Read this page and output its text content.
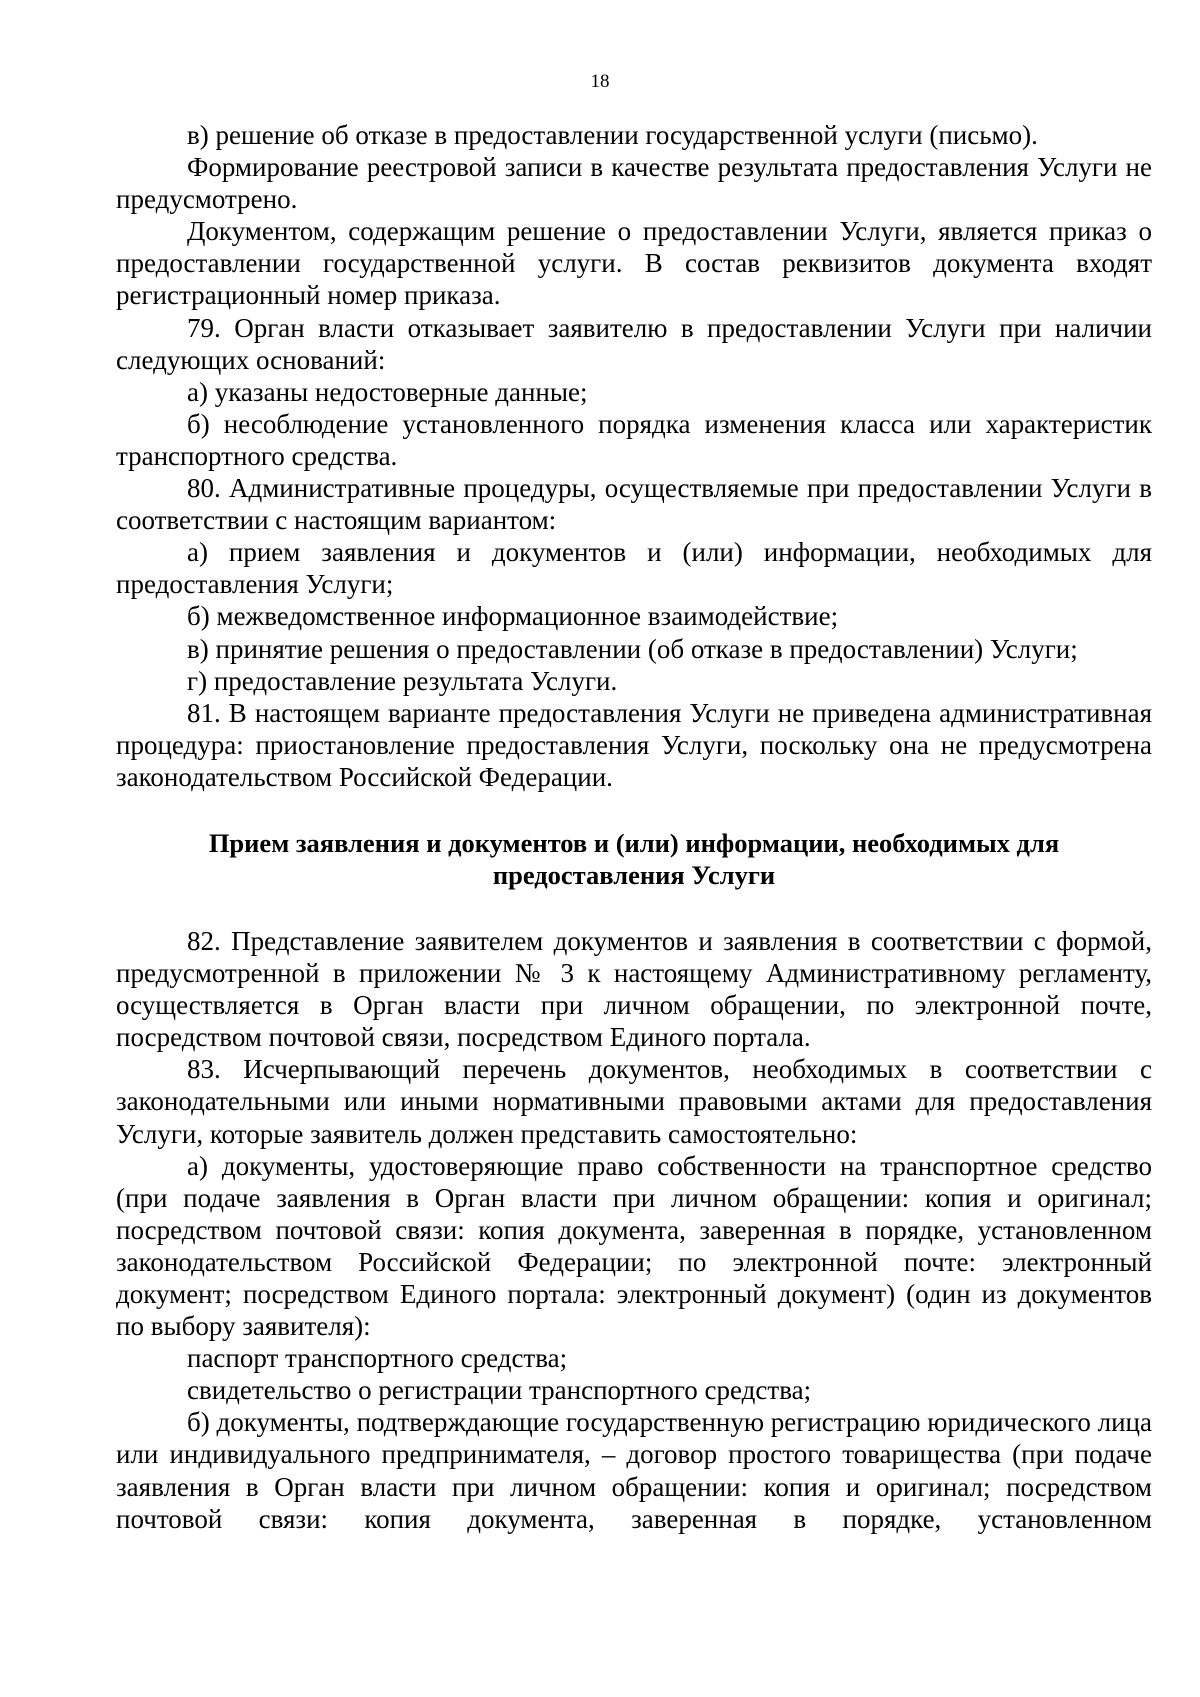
18

в) решение об отказе в предоставлении государственной услуги (письмо).

Формирование реестровой записи в качестве результата предоставления Услуги не предусмотрено.

Документом, содержащим решение о предоставлении Услуги, является приказ о предоставлении государственной услуги. В состав реквизитов документа входят регистрационный номер приказа.

79. Орган власти отказывает заявителю в предоставлении Услуги при наличии следующих оснований:

а) указаны недостоверные данные;

б) несоблюдение установленного порядка изменения класса или характеристик транспортного средства.

80. Административные процедуры, осуществляемые при предоставлении Услуги в соответствии с настоящим вариантом:

а) прием заявления и документов и (или) информации, необходимых для предоставления Услуги;

б) межведомственное информационное взаимодействие;

в) принятие решения о предоставлении (об отказе в предоставлении) Услуги;

г) предоставление результата Услуги.

81. В настоящем варианте предоставления Услуги не приведена административная процедура: приостановление предоставления Услуги, поскольку она не предусмотрена законодательством Российской Федерации.

Прием заявления и документов и (или) информации, необходимых для
предоставления Услуги

82. Представление заявителем документов и заявления в соответствии с формой, предусмотренной в приложении № 3 к настоящему Административному регламенту, осуществляется в Орган власти при личном обращении, по электронной почте, посредством почтовой связи, посредством Единого портала.

83. Исчерпывающий перечень документов, необходимых в соответствии с законодательными или иными нормативными правовыми актами для предоставления Услуги, которые заявитель должен представить самостоятельно:

а) документы, удостоверяющие право собственности на транспортное средство (при подаче заявления в Орган власти при личном обращении: копия и оригинал; посредством почтовой связи: копия документа, заверенная в порядке, установленном законодательством Российской Федерации; по электронной почте: электронный документ; посредством Единого портала: электронный документ) (один из документов по выбору заявителя):

паспорт транспортного средства;

свидетельство о регистрации транспортного средства;

б) документы, подтверждающие государственную регистрацию юридического лица или индивидуального предпринимателя, – договор простого товарищества (при подаче заявления в Орган власти при личном обращении: копия и оригинал; посредством почтовой связи: копия документа, заверенная в порядке, установленном
